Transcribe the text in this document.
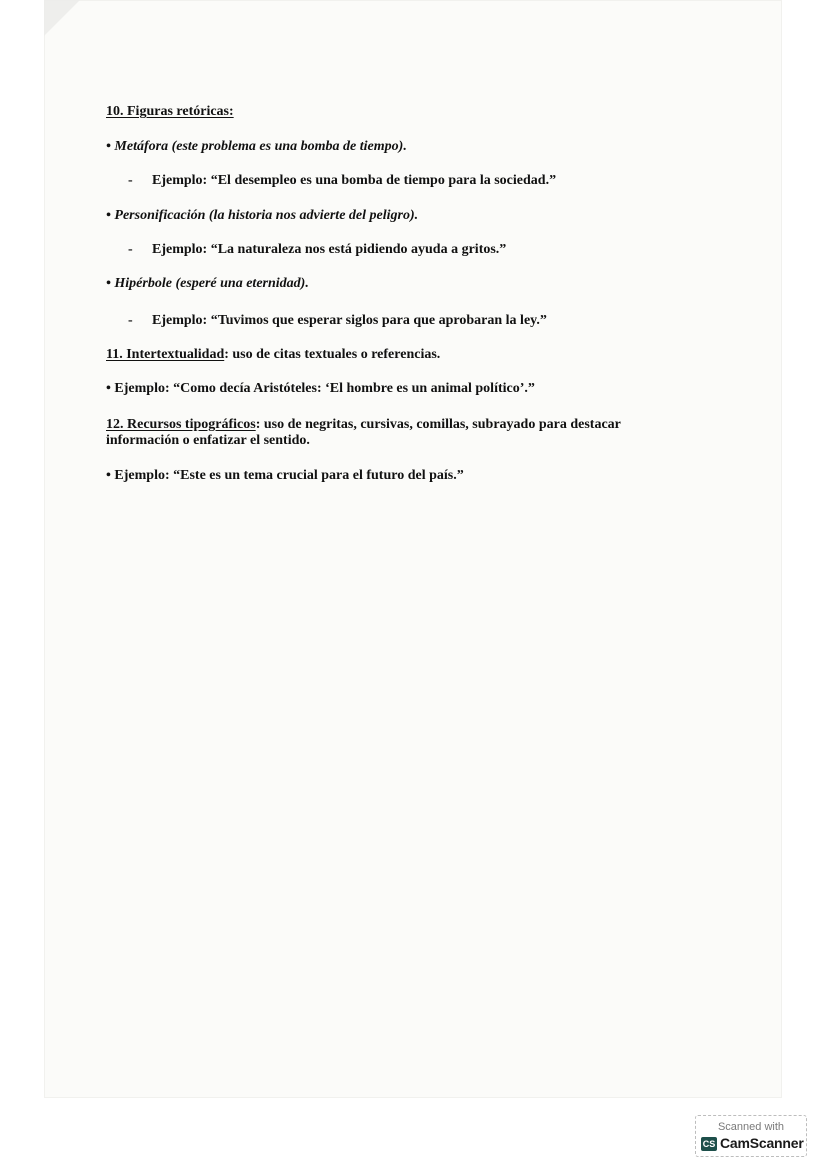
10. Figuras retóricas:
• Metáfora (este problema es una bomba de tiempo).
- Ejemplo: “El desempleo es una bomba de tiempo para la sociedad.”
• Personificación (la historia nos advierte del peligro).
- Ejemplo: “La naturaleza nos está pidiendo ayuda a gritos.”
• Hipérbole (esperé una eternidad).
- Ejemplo: “Tuvimos que esperar siglos para que aprobaran la ley.”
11. Intertextualidad: uso de citas textuales o referencias.
• Ejemplo: “Como decía Aristóteles: ‘El hombre es un animal político’.”
12. Recursos tipográficos: uso de negritas, cursivas, comillas, subrayado para destacar información o enfatizar el sentido.
• Ejemplo: “Este es un tema crucial para el futuro del país.”
Scanned with
CS CamScanner
